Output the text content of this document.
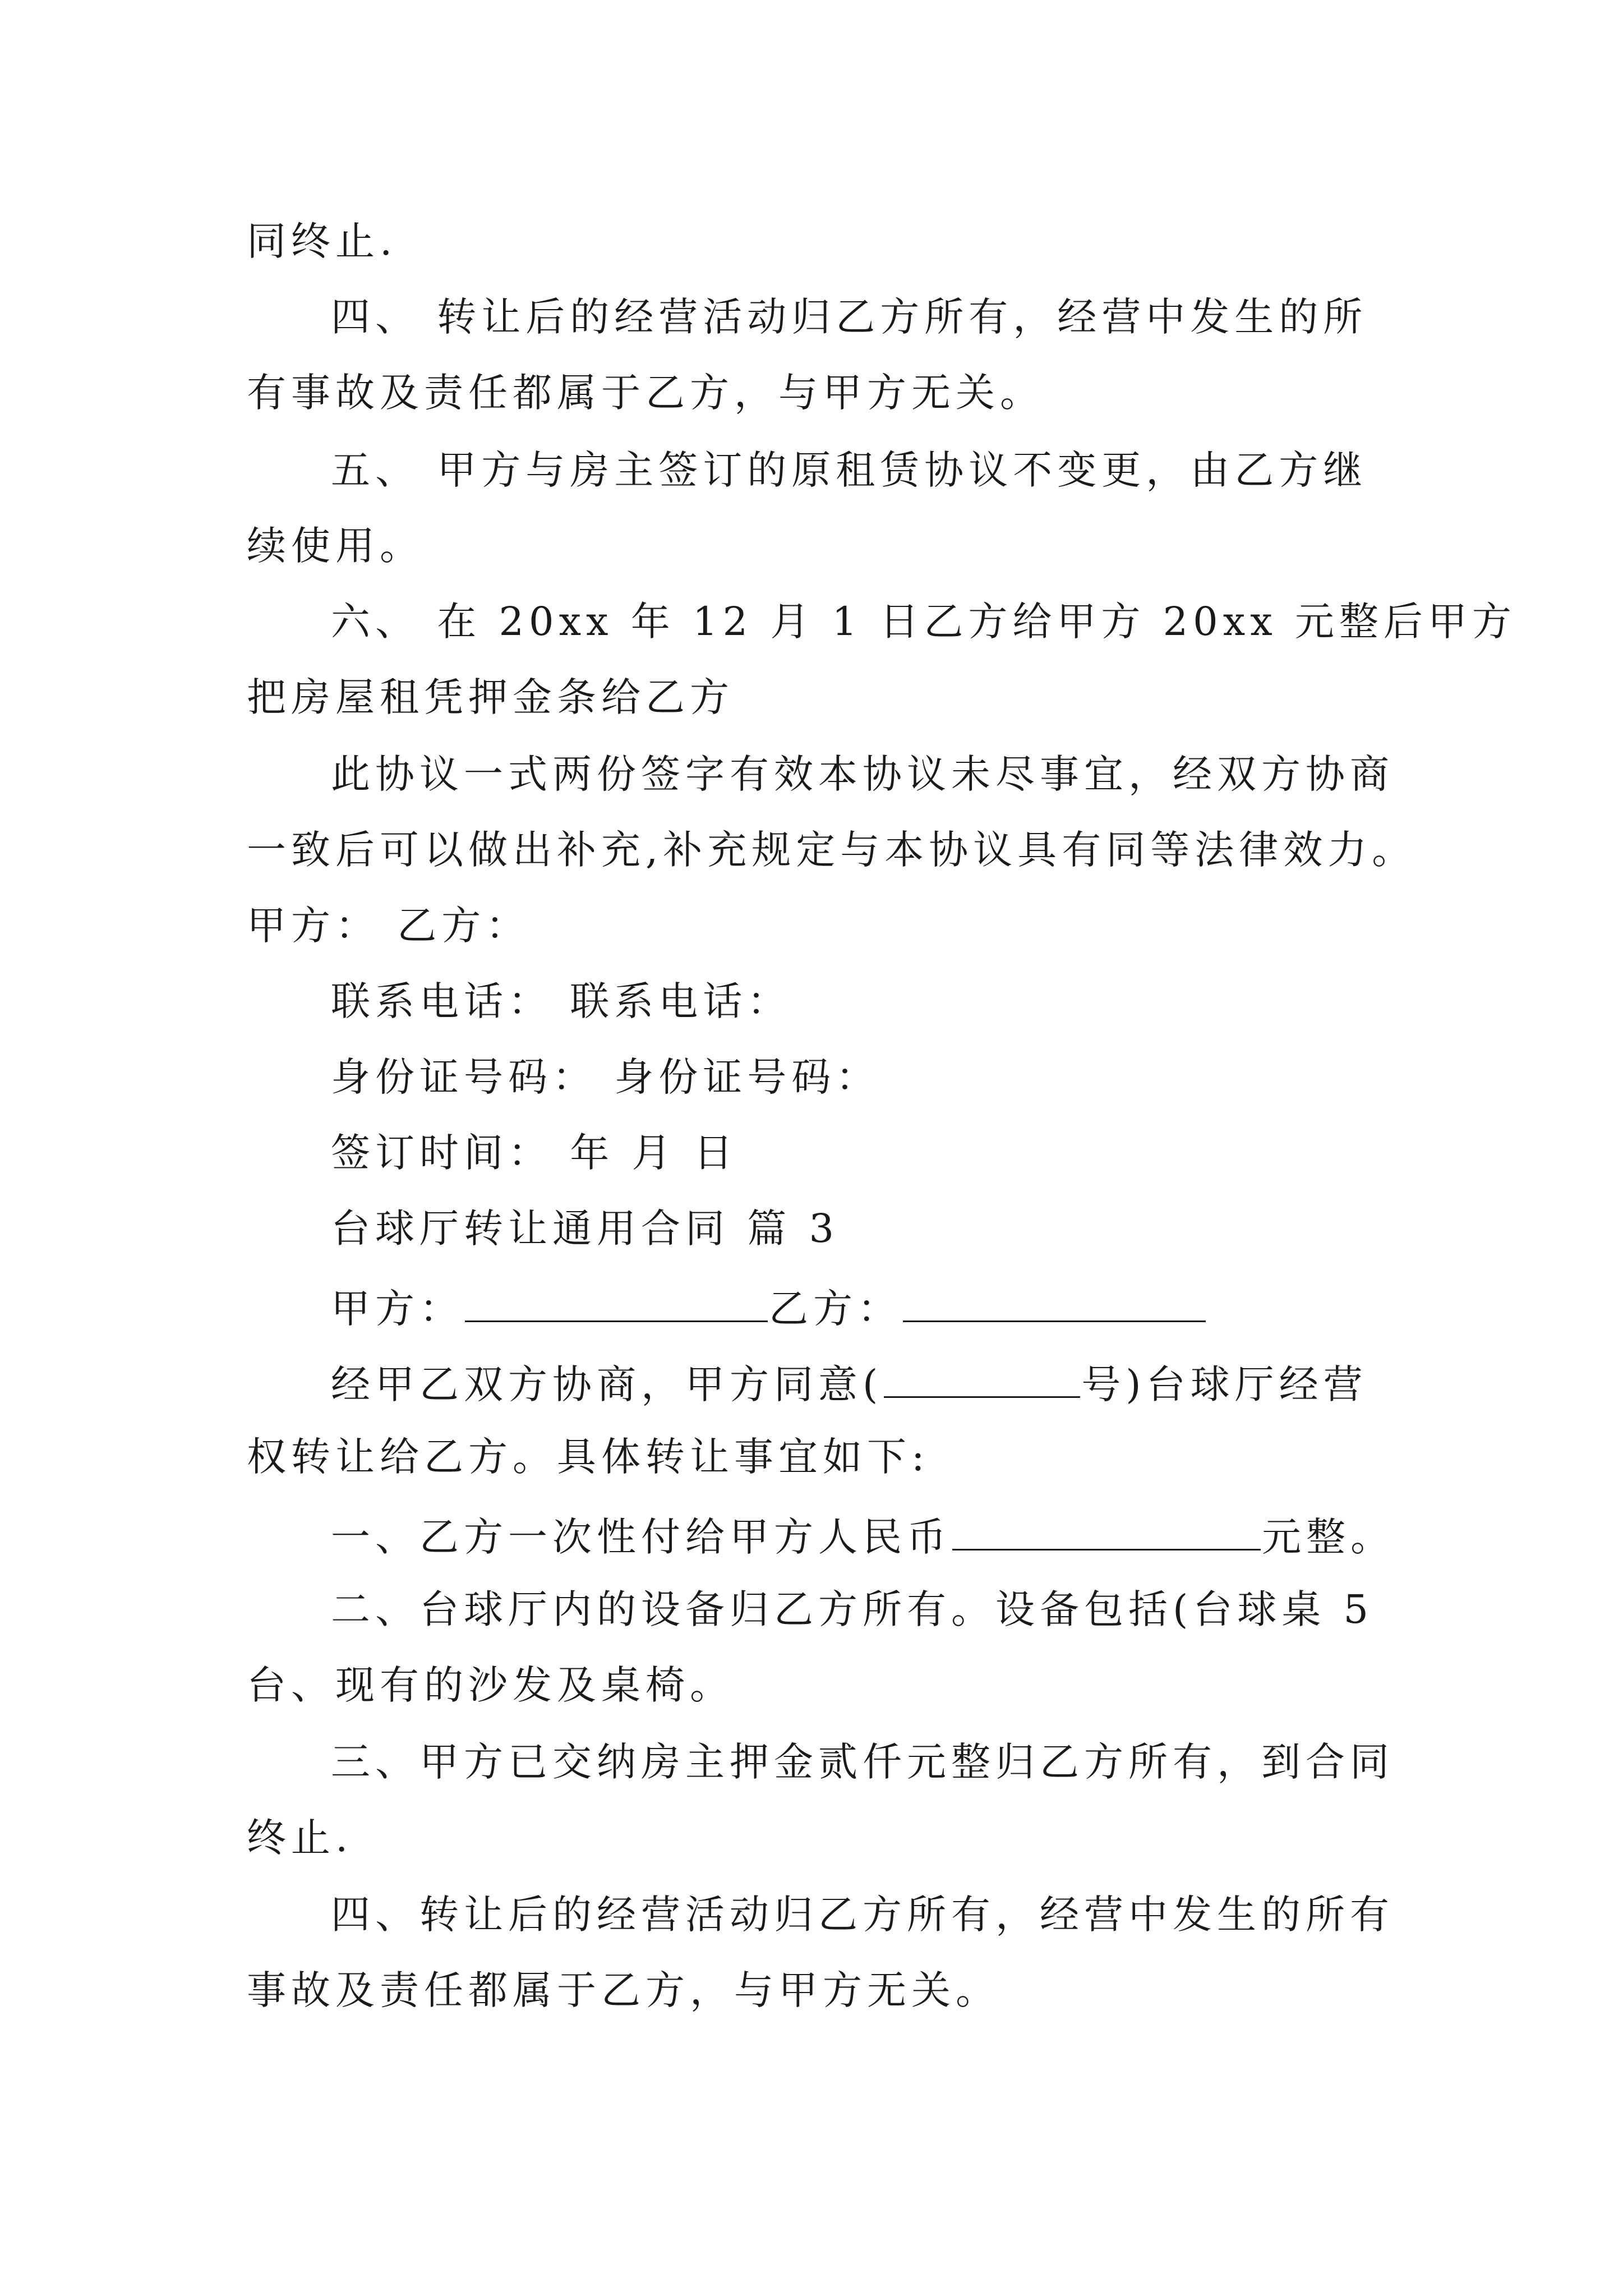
同终止.
四、 转让后的经营活动归乙方所有，经营中发生的所
有事故及责任都属于乙方，与甲方无关。
五、 甲方与房主签订的原租赁协议不变更，由乙方继
续使用。
六、 在 20xx 年 12 月 1 日乙方给甲方 20xx 元整后甲方
把房屋租凭押金条给乙方
此协议一式两份签字有效本协议未尽事宜，经双方协商
一致后可以做出补充,补充规定与本协议具有同等法律效力。
甲方： 乙方：
联系电话： 联系电话：
身份证号码： 身份证号码：
签订时间： 年 月 日
台球厅转让通用合同 篇 3
甲方：	乙方：
经甲乙双方协商，甲方同意(	号)台球厅经营
权转让给乙方。具体转让事宜如下:
一、乙方一次性付给甲方人民币	元整。
二、台球厅内的设备归乙方所有。设备包括(台球桌 5
台、现有的沙发及桌椅。
三、甲方已交纳房主押金贰仟元整归乙方所有，到合同
终止.
四、转让后的经营活动归乙方所有，经营中发生的所有
事故及责任都属于乙方，与甲方无关。
